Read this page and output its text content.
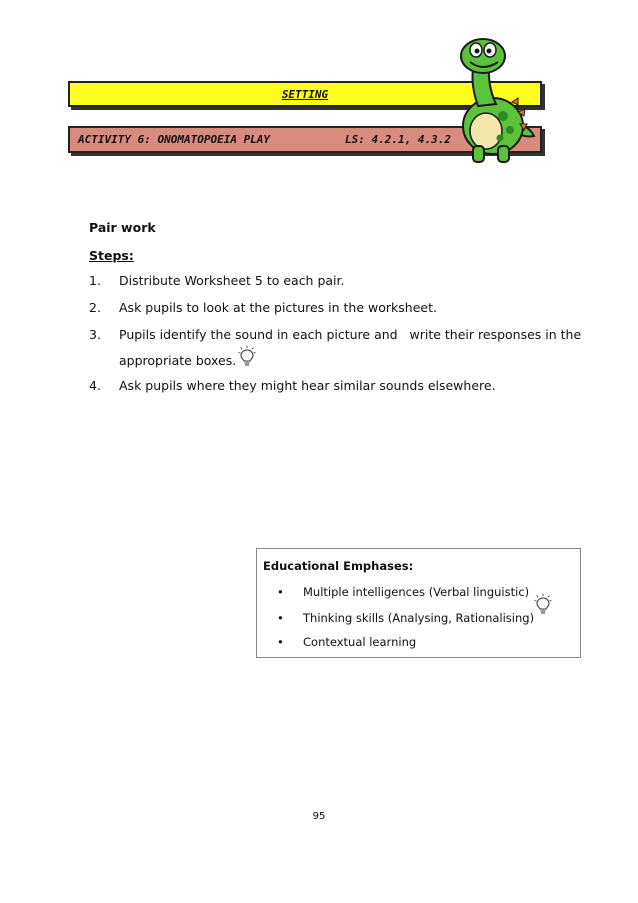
SETTING
ACTIVITY 6: ONOMATOPOEIA PLAY	LS: 4.2.1, 4.3.2
Pair work
Steps:
1. Distribute Worksheet 5 to each pair.
2. Ask pupils to look at the pictures in the worksheet.
3. Pupils identify the sound in each picture and   write their responses in the
appropriate boxes.
4. Ask pupils where they might hear similar sounds elsewhere.
Educational Emphases:
• Multiple intelligences (Verbal linguistic)
• Thinking skills (Analysing, Rationalising)
• Contextual learning
95
